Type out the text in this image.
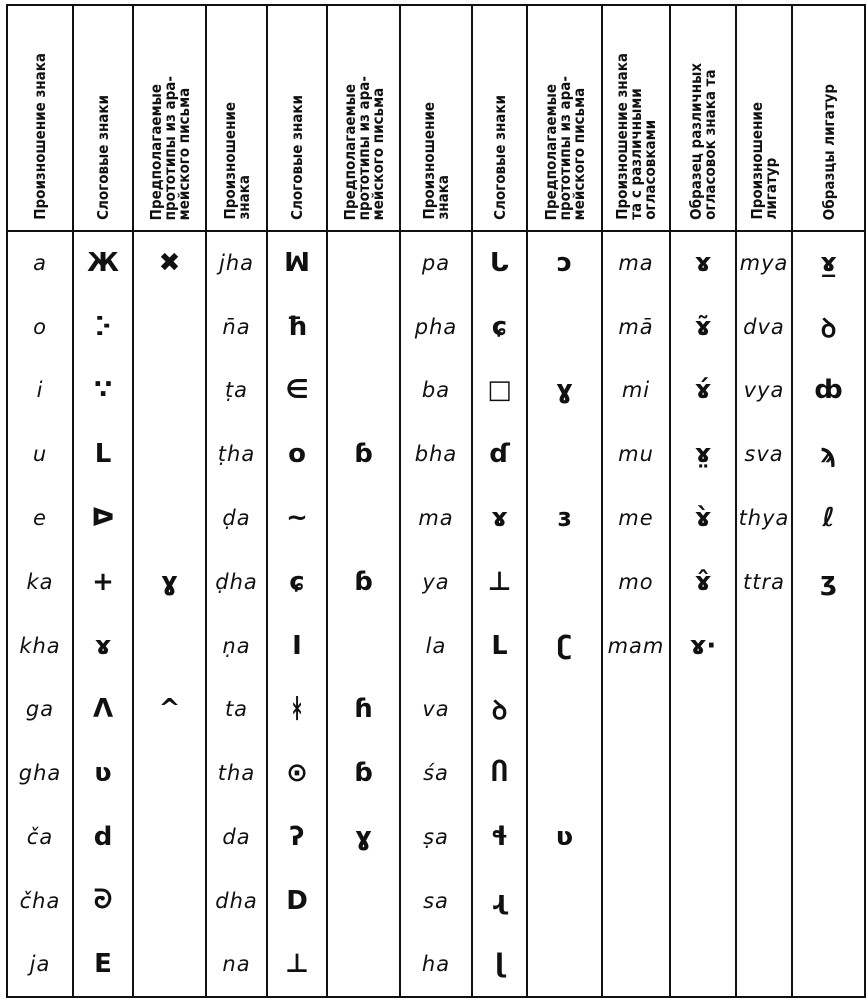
Произношение знака	Слоговые знаки	Предполагаемые
прототипы из ара-
мейского письма	Произношение
знака	Слоговые знаки	Предполагаемые
прототипы из ара-
мейского письма	Произношение
знака	Слоговые знаки	Предполагаемые
прототипы из ара-
мейского письма	Произношение знака
та с различными
огласовками	Образец различных
огласовок знака та	Произношение
лигатур	Образцы лигатур
a	Ж	✖	jha	ꟽ		pa	ᒐ	ɔ	ma	ɤ	mya	ɤ̲
o	ⴾ		n̄a	ħ		pha	ɕ		mā	ɤ̃	dva	ꝺ
i	∵		ṭa	∈		ba	□	ɣ	mi	ɤ́	vya	ȸ
u	L		ṭha	o	ɓ	bha	ɗ		mu	ɤ̤	sva	ϡ
e	ᐅ		ḍa	~		ma	ɤ	ɜ	me	ɤ̀	thya	ℓ
ka	+	ɣ	ḍha	ɕ	ɓ	ya	⊥		mo	ɤ̂	ttra	ʒ
kha	ɤ		ṇa	I		la	ᒪ	ʗ	mam	ɤ·		
ga	Λ	^	ta	ᚼ	ɦ	va	ꝺ					
gha	ʋ		tha	⊙	ɓ	śa	Ⴖ					
ča	d		da	ʔ	ɣ	ṣa	ɬ	ʋ				
čha	ᘒ		dha	D		sa	ɻ					
ja	E		na	⊥		ha	ɭ					
